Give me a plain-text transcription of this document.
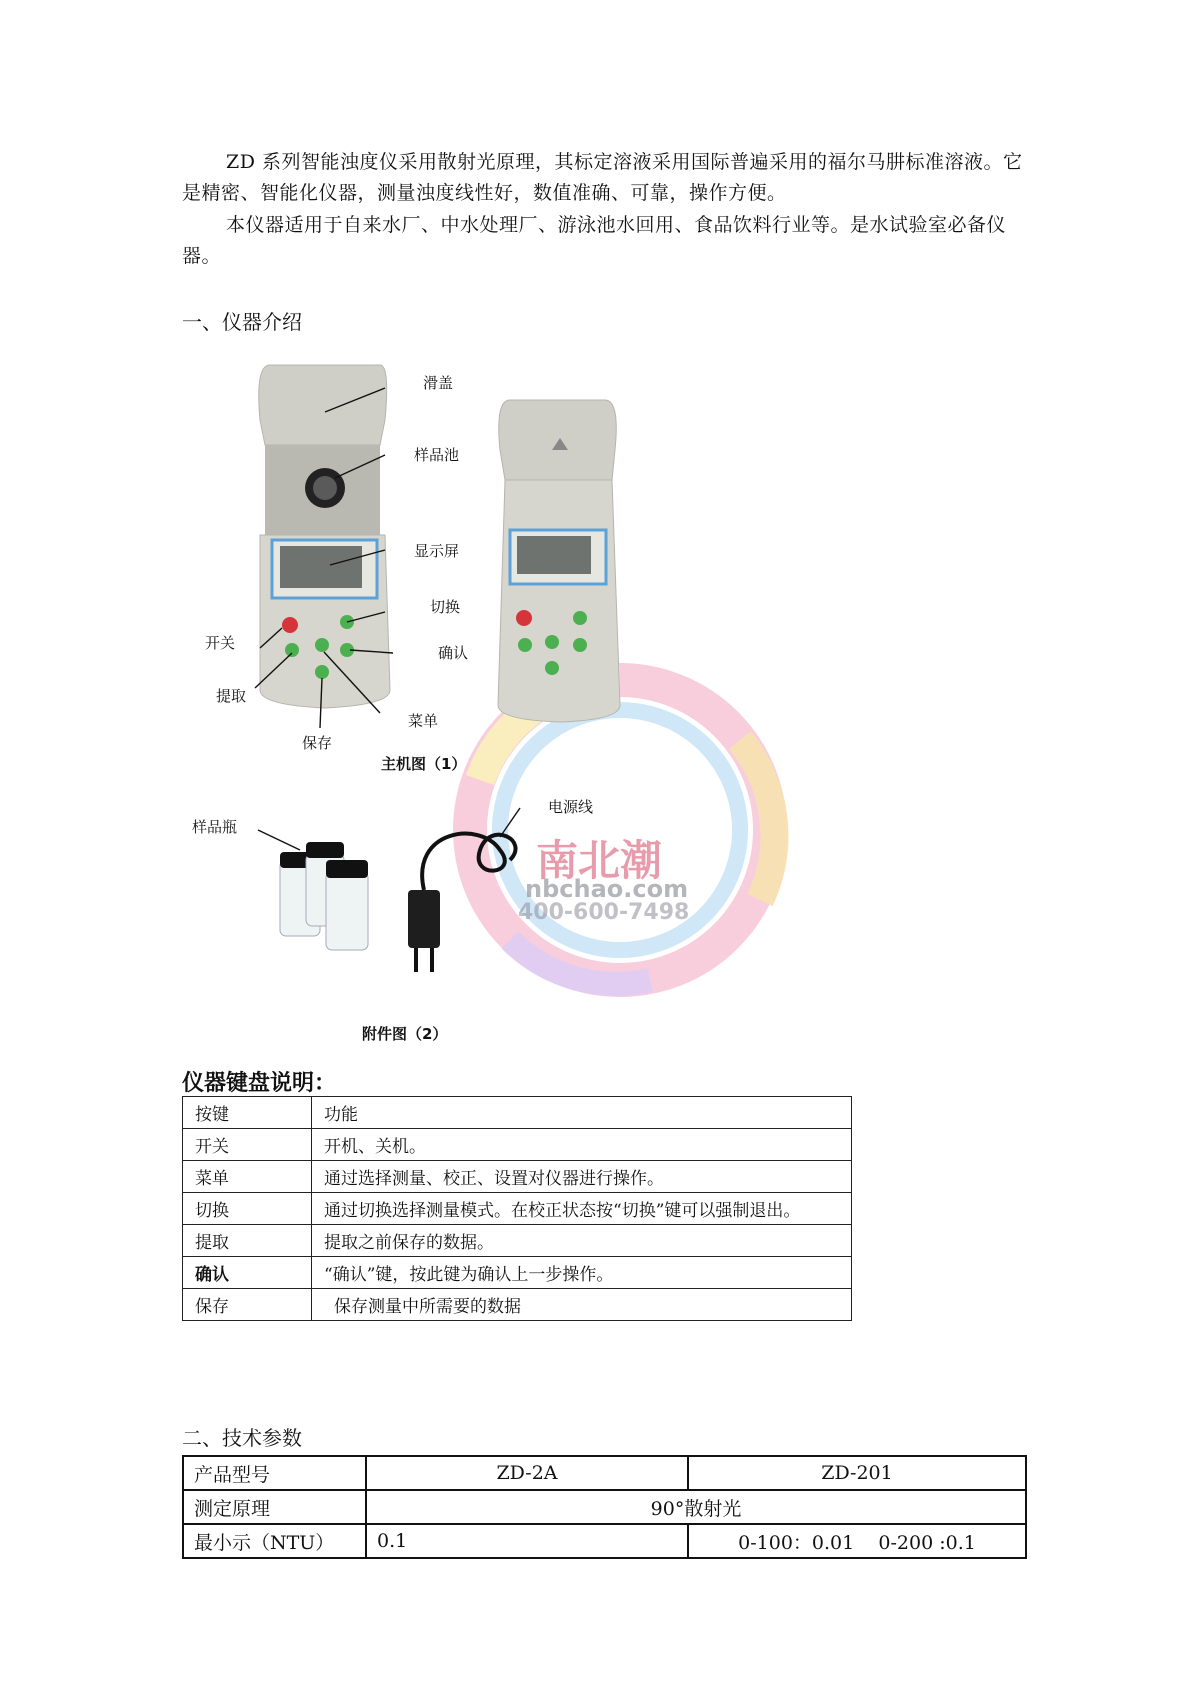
ZD 系列智能浊度仪采用散射光原理，其标定溶液采用国际普遍采用的福尔马肼标准溶液。它是精密、智能化仪器，测量浊度线性好，数值准确、可靠，操作方便。

本仪器适用于自来水厂、中水处理厂、游泳池水回用、食品饮料行业等。是水试验室必备仪器。

一、仪器介绍
南北潮
nbchao.com
400-600-7498
滑盖
样品池
显示屏
切换
开关
确认
提取
菜单
保存
主机图（1）
样品瓶
电源线
附件图（2）
仪器键盘说明：
按键	功能
开关	开机、关机。
菜单	通过选择测量、校正、设置对仪器进行操作。
切换	通过切换选择测量模式。在校正状态按“切换”键可以强制退出。
提取	提取之前保存的数据。
确认	“确认”键，按此键为确认上一步操作。
保存	保存测量中所需要的数据
二、技术参数
产品型号	ZD-2A	ZD-201
测定原理	90°散射光	
最小示（NTU）	0.1	0-100：0.01    0-200 :0.1
